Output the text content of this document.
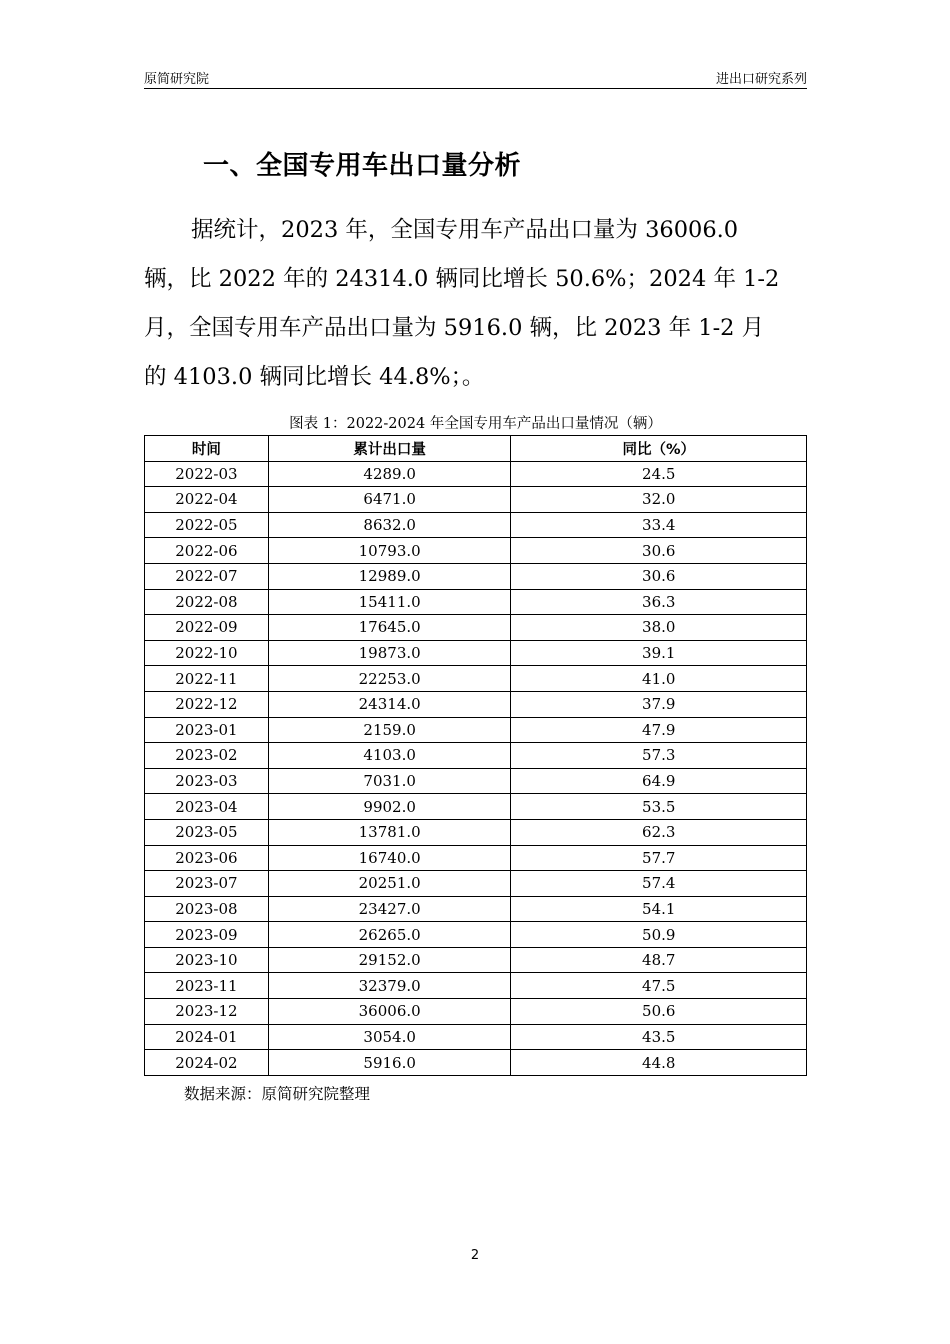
原简研究院	进出口研究系列
一、全国专用车出口量分析
据统计，2023 年，全国专用车产品出口量为 36006.0
辆，比 2022 年的 24314.0 辆同比增长 50.6%；2024 年 1-2
月，全国专用车产品出口量为 5916.0 辆，比 2023 年 1-2 月
的 4103.0 辆同比增长 44.8%；。
图表 1：2022-2024 年全国专用车产品出口量情况（辆）
时间	累计出口量	同比（%）
2022-03	4289.0	24.5
2022-04	6471.0	32.0
2022-05	8632.0	33.4
2022-06	10793.0	30.6
2022-07	12989.0	30.6
2022-08	15411.0	36.3
2022-09	17645.0	38.0
2022-10	19873.0	39.1
2022-11	22253.0	41.0
2022-12	24314.0	37.9
2023-01	2159.0	47.9
2023-02	4103.0	57.3
2023-03	7031.0	64.9
2023-04	9902.0	53.5
2023-05	13781.0	62.3
2023-06	16740.0	57.7
2023-07	20251.0	57.4
2023-08	23427.0	54.1
2023-09	26265.0	50.9
2023-10	29152.0	48.7
2023-11	32379.0	47.5
2023-12	36006.0	50.6
2024-01	3054.0	43.5
2024-02	5916.0	44.8
数据来源：原简研究院整理
2
